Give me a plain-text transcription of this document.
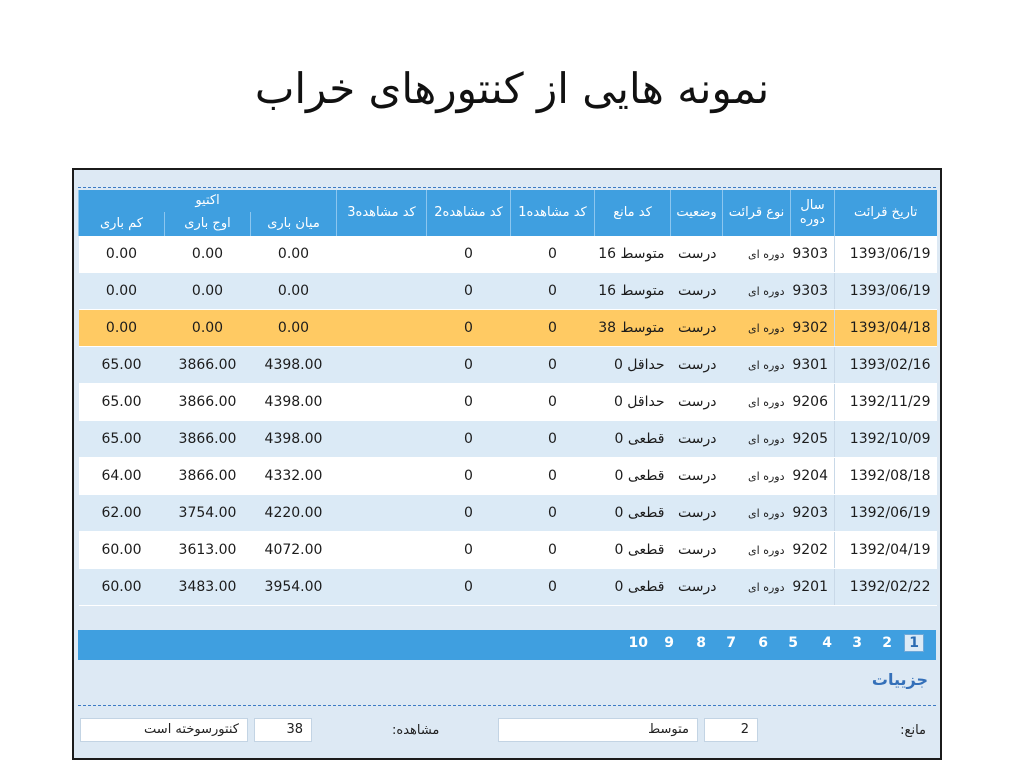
نمونه هایی از کنتورهای خراب
تاریخ قرائت	سال دوره	نوع قرائت	وضعیت	کد مانع	کد مشاهده1	کد مشاهده2	کد مشاهده3	اکتیو		
								میان باری	اوج باری	کم باری
1393/06/19	9303	دوره ای	درست	متوسط 16	0	0		0.00	0.00	0.00
1393/06/19	9303	دوره ای	درست	متوسط 16	0	0		0.00	0.00	0.00
1393/04/18	9302	دوره ای	درست	متوسط 38	0	0		0.00	0.00	0.00
1393/02/16	9301	دوره ای	درست	حداقل 0	0	0		4398.00	3866.00	65.00
1392/11/29	9206	دوره ای	درست	حداقل 0	0	0		4398.00	3866.00	65.00
1392/10/09	9205	دوره ای	درست	قطعی 0	0	0		4398.00	3866.00	65.00
1392/08/18	9204	دوره ای	درست	قطعی 0	0	0		4332.00	3866.00	64.00
1392/06/19	9203	دوره ای	درست	قطعی 0	0	0		4220.00	3754.00	62.00
1392/04/19	9202	دوره ای	درست	قطعی 0	0	0		4072.00	3613.00	60.00
1392/02/22	9201	دوره ای	درست	قطعی 0	0	0		3954.00	3483.00	60.00
1
2
3
4
5
6
7
8
9
10
جزییات
مانع:
2
متوسط
مشاهده:
38
کنتورسوخته است
